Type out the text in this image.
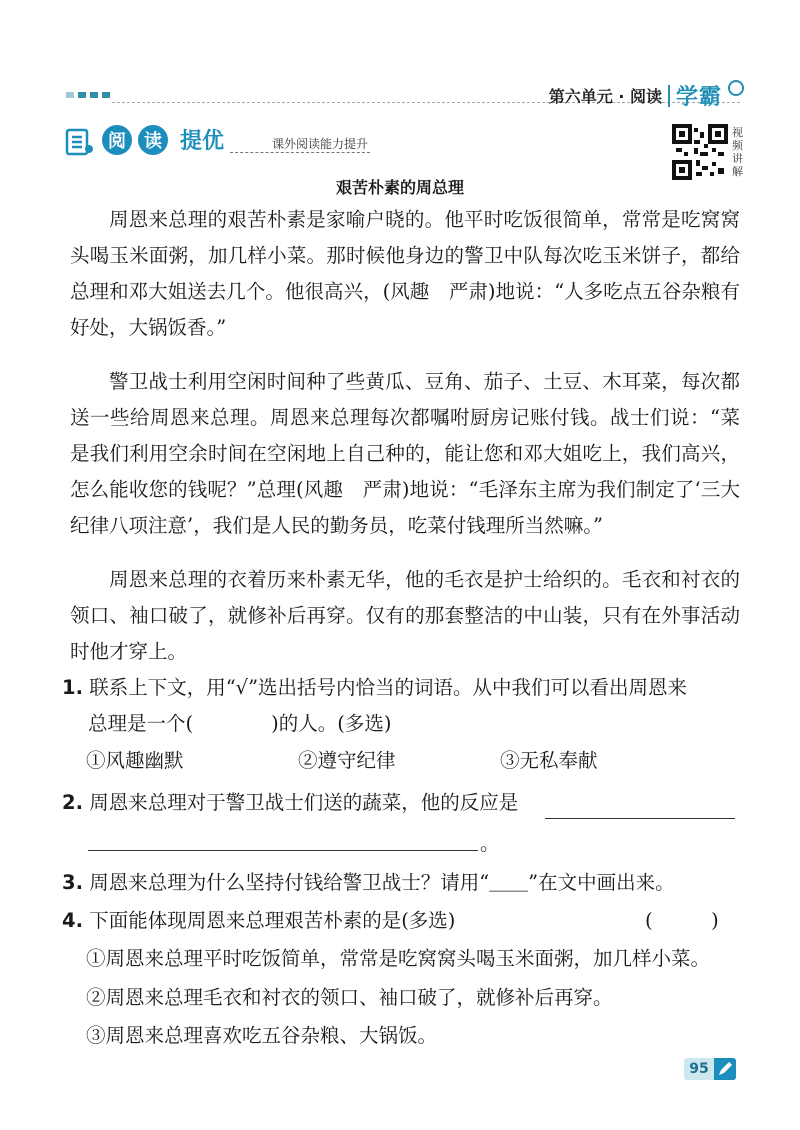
第六单元 · 阅读 学霸
阅	读 提优	课外阅读能力提升
视频讲解
艰苦朴素的周总理

周恩来总理的艰苦朴素是家喻户晓的。他平时吃饭很简单，常常是吃窝窝头喝玉米面粥，加几样小菜。那时候他身边的警卫中队每次吃玉米饼子，都给总理和邓大姐送去几个。他很高兴，(风趣　严肃)地说：“人多吃点五谷杂粮有好处，大锅饭香。”

警卫战士利用空闲时间种了些黄瓜、豆角、茄子、土豆、木耳菜，每次都送一些给周恩来总理。周恩来总理每次都嘱咐厨房记账付钱。战士们说：“菜是我们利用空余时间在空闲地上自己种的，能让您和邓大姐吃上，我们高兴，怎么能收您的钱呢？”总理(风趣　严肃)地说：“毛泽东主席为我们制定了‘三大纪律八项注意’，我们是人民的勤务员，吃菜付钱理所当然嘛。”

周恩来总理的衣着历来朴素无华，他的毛衣是护士给织的。毛衣和衬衣的领口、袖口破了，就修补后再穿。仅有的那套整洁的中山装，只有在外事活动时他才穿上。

1. 联系上下文，用“√”选出括号内恰当的词语。从中我们可以看出周恩来
总理是一个(　　　　)的人。(多选)
①风趣幽默	②遵守纪律	③无私奉献
2. 周恩来总理对于警卫战士们送的蔬菜，他的反应是
。
3. 周恩来总理为什么坚持付钱给警卫战士？请用“＿＿”在文中画出来。
4. 下面能体现周恩来总理艰苦朴素的是(多选)	(　　　)
①周恩来总理平时吃饭简单，常常是吃窝窝头喝玉米面粥，加几样小菜。
②周恩来总理毛衣和衬衣的领口、袖口破了，就修补后再穿。
③周恩来总理喜欢吃五谷杂粮、大锅饭。
95
